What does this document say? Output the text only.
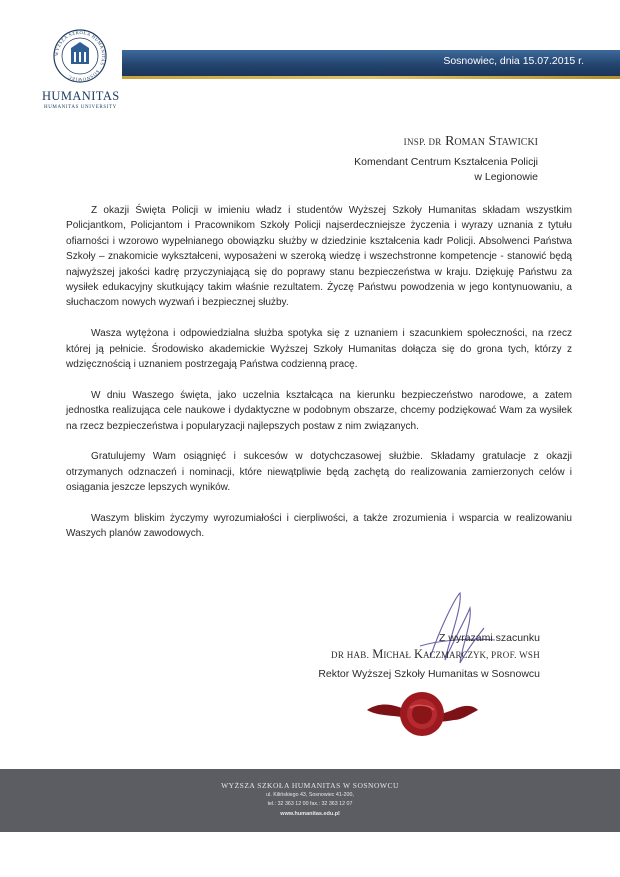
WYŻSZA SZKOŁA HUMANITAS · SOSNOWIEC
HUMANITAS
HUMANITAS UNIVERSITY
Sosnowiec, dnia 15.07.2015 r.
INSP. DR Roman Stawicki
Komendant Centrum Kształcenia Policji
w Legionowie

Z okazji Święta Policji w imieniu władz i studentów Wyższej Szkoły Humanitas składam wszystkim Policjantkom, Policjantom i Pracownikom Szkoły Policji najserdeczniejsze życzenia i wyrazy uznania z tytułu ofiarności i wzorowo wypełnianego obowiązku służby w dziedzinie kształcenia kadr Policji. Absolwenci Państwa Szkoły – znakomicie wykształceni, wyposażeni w szeroką wiedzę i wszechstronne kompetencje - stanowić będą najwyższej jakości kadrę przyczyniającą się do poprawy stanu bezpieczeństwa w kraju. Dziękuję Państwu za wysiłek edukacyjny skutkujący takim właśnie rezultatem. Życzę Państwu powodzenia w jego kontynuowaniu, a słuchaczom nowych wyzwań i bezpiecznej służby.

Wasza wytężona i odpowiedzialna służba spotyka się z uznaniem i szacunkiem społeczności, na rzecz której ją pełnicie. Środowisko akademickie Wyższej Szkoły Humanitas dołącza się do grona tych, którzy z wdzięcznością i uznaniem postrzegają Państwa codzienną pracę.

W dniu Waszego święta, jako uczelnia kształcąca na kierunku bezpieczeństwo narodowe, a zatem jednostka realizująca cele naukowe i dydaktyczne w podobnym obszarze, chcemy podziękować Wam za wysiłek na rzecz bezpieczeństwa i popularyzacji najlepszych postaw z nim związanych.

Gratulujemy Wam osiągnięć i sukcesów w dotychczasowej służbie. Składamy gratulacje z okazji otrzymanych odznaczeń i nominacji, które niewątpliwie będą zachętą do realizowania zamierzonych celów i osiągania jeszcze lepszych wyników.

Waszym bliskim życzymy wyrozumiałości i cierpliwości, a także zrozumienia i wsparcia w realizowaniu Waszych planów zawodowych.

Z wyrazami szacunku
DR HAB. Michał Kaczmarczyk, PROF. WSH
Rektor Wyższej Szkoły Humanitas w Sosnowcu
WYŻSZA SZKOŁA HUMANITAS W SOSNOWCU
ul. Kilińskiego 43, Sosnowiec 41-200,
tel.: 32 363 12 00 fax.: 32 363 12 07
www.humanitas.edu.pl
